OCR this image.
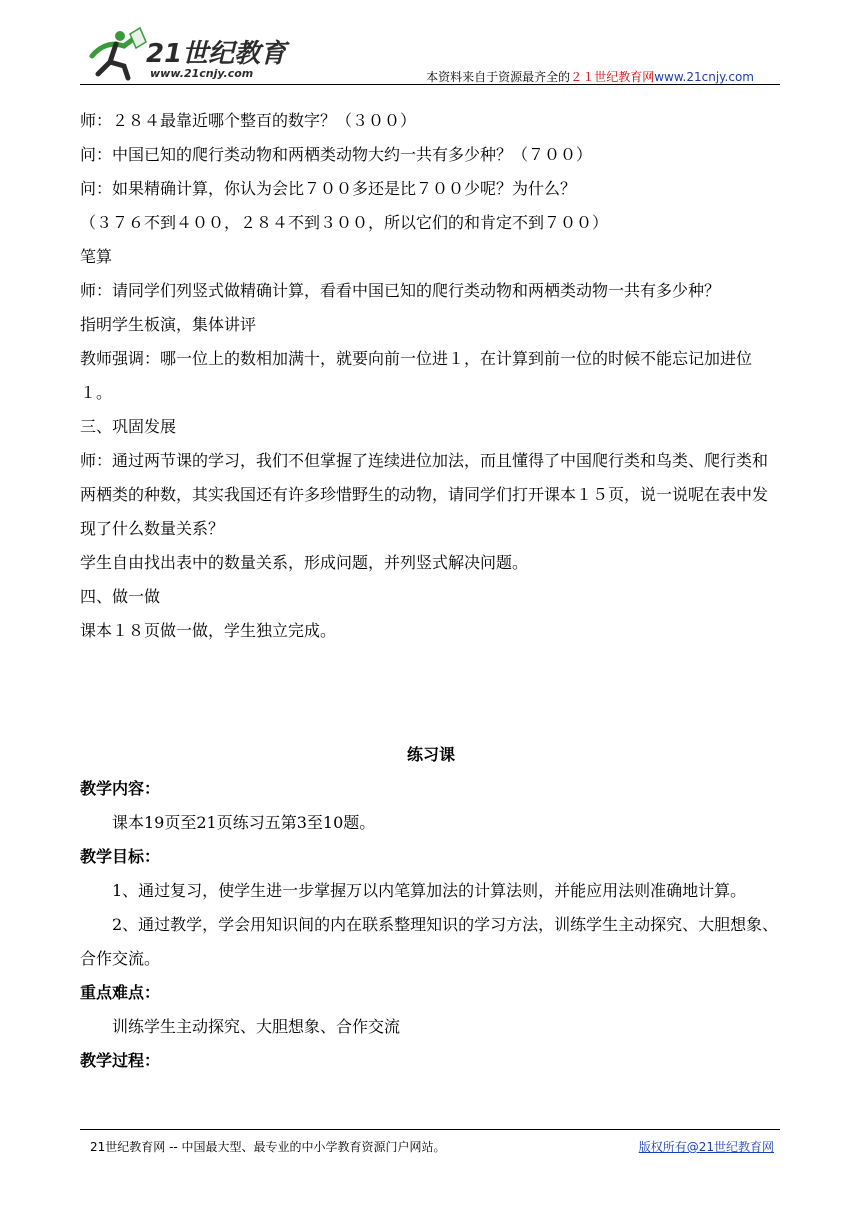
21世纪教育
www.21cnjy.com	本资料来自于资源最齐全的２１世纪教育网www.21cnjy.com

师：２８４最靠近哪个整百的数字？（３００）

问：中国已知的爬行类动物和两栖类动物大约一共有多少种？（７００）

问：如果精确计算，你认为会比７００多还是比７００少呢？为什么？

（３７６不到４００，２８４不到３００，所以它们的和肯定不到７００）

笔算

师：请同学们列竖式做精确计算，看看中国已知的爬行类动物和两栖类动物一共有多少种？

指明学生板演，集体讲评

教师强调：哪一位上的数相加满十，就要向前一位进１，在计算到前一位的时候不能忘记加进位１。

三、巩固发展

师：通过两节课的学习，我们不但掌握了连续进位加法，而且懂得了中国爬行类和鸟类、爬行类和两栖类的种数，其实我国还有许多珍惜野生的动物，请同学们打开课本１５页，说一说呢在表中发现了什么数量关系？

学生自由找出表中的数量关系，形成问题，并列竖式解决问题。

四、做一做

课本１８页做一做，学生独立完成。

练习课

教学内容：

课本19页至21页练习五第3至10题。

教学目标：

1、通过复习，使学生进一步掌握万以内笔算加法的计算法则，并能应用法则准确地计算。

2、通过教学，学会用知识间的内在联系整理知识的学习方法，训练学生主动探究、大胆想象、合作交流。

重点难点：

训练学生主动探究、大胆想象、合作交流

教学过程：

21世纪教育网 -- 中国最大型、最专业的中小学教育资源门户网站。	版权所有@21世纪教育网
